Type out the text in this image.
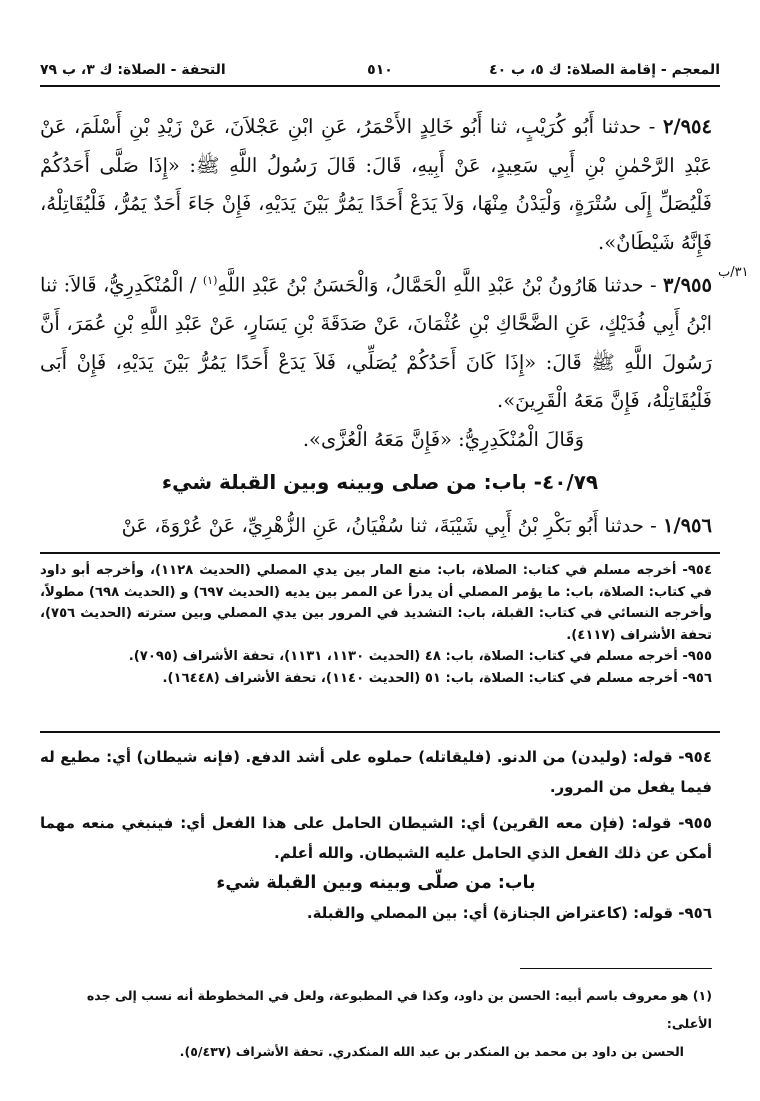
المعجم - إقامة الصلاة: ك ٥، ب ٤٠
٥١٠
التحفة - الصلاة: ك ٣، ب ٧٩
٣١/ب

٢/٩٥٤ - حدثنا أَبُو كُرَيْبٍ، ثنا أَبُو خَالِدٍ الأَحْمَرُ، عَنِ ابْنِ عَجْلاَنَ، عَنْ زَيْدِ بْنِ أَسْلَمَ، عَنْ عَبْدِ الرَّحْمٰنِ بْنِ أَبِي سَعِيدٍ، عَنْ أَبِيهِ، قَالَ: قَالَ رَسُولُ اللَّهِ ﷺ: «إِذَا صَلَّى أَحَدُكُمْ فَلْيُصَلِّ إِلَى سُتْرَةٍ، وَلْيَدْنُ مِنْهَا، وَلاَ يَدَعْ أَحَدًا يَمُرُّ بَيْنَ يَدَيْهِ، فَإِنْ جَاءَ أَحَدٌ يَمُرُّ، فَلْيُقَاتِلْهُ، فَإِنَّهُ شَيْطَانٌ».

٣/٩٥٥ - حدثنا هَارُونُ بْنُ عَبْدِ اللَّهِ الْحَمَّالُ، وَالْحَسَنُ بْنُ عَبْدِ اللَّهِ$^{(١)}$ / الْمُنْكَدِرِيُّ، قَالاَ: ثنا ابْنُ أَبِي فُدَيْكٍ، عَنِ الضَّحَّاكِ بْنِ عُثْمَانَ، عَنْ صَدَقَةَ بْنِ يَسَارٍ، عَنْ عَبْدِ اللَّهِ بْنِ عُمَرَ، أَنَّ رَسُولَ اللَّهِ ﷺ قَالَ: «إِذَا كَانَ أَحَدُكُمْ يُصَلِّي، فَلاَ يَدَعْ أَحَدًا يَمُرُّ بَيْنَ يَدَيْهِ، فَإِنْ أَبَى فَلْيُقَاتِلْهُ، فَإِنَّ مَعَهُ الْقَرِينَ».

وَقَالَ الْمُنْكَدِرِيُّ: «فَإِنَّ مَعَهُ الْعُزَّى».

٤٠/٧٩- باب: من صلى وبينه وبين القبلة شيء
١/٩٥٦ - حدثنا أَبُو بَكْرِ بْنُ أَبِي شَيْبَةَ، ثنا سُفْيَانُ، عَنِ الزُّهْرِيِّ، عَنْ عُرْوَةَ، عَنْ

٩٥٤- أخرجه مسلم في كتاب: الصلاة، باب: منع المار بين يدي المصلي (الحديث ١١٢٨)، وأخرجه أبو داود في كتاب: الصلاة، باب: ما يؤمر المصلي أن يدرأ عن الممر بين يديه (الحديث ٦٩٧) و (الحديث ٦٩٨) مطولاً، وأخرجه النسائي في كتاب: القبلة، باب: التشديد في المرور بين يدي المصلي وبين سترته (الحديث ٧٥٦)، تحفة الأشراف (٤١١٧).

٩٥٥- أخرجه مسلم في كتاب: الصلاة، باب: ٤٨ (الحديث ١١٣٠، ١١٣١)، تحفة الأشراف (٧٠٩٥).

٩٥٦- أخرجه مسلم في كتاب: الصلاة، باب: ٥١ (الحديث ١١٤٠)، تحفة الأشراف (١٦٤٤٨).

٩٥٤- قوله: (وليدن) من الدنو. (فليقاتله) حملوه على أشد الدفع. (فإنه شيطان) أي: مطيع له فيما يفعل من المرور.

٩٥٥- قوله: (فإن معه القرين) أي: الشيطان الحامل على هذا الفعل أي: فينبغي منعه مهما أمكن عن ذلك الفعل الذي الحامل عليه الشيطان. والله أعلم.

باب: من صلّى وبينه وبين القبلة شيء

٩٥٦- قوله: (كاعتراض الجنازة) أي: بين المصلي والقبلة.

(١) هو معروف باسم أبيه: الحسن بن داود، وكذا في المطبوعة، ولعل في المخطوطة أنه نسب إلى جده الأعلى:

الحسن بن داود بن محمد بن المنكدر بن عبد الله المنكدري. تحفة الأشراف (٥/٤٣٧).
